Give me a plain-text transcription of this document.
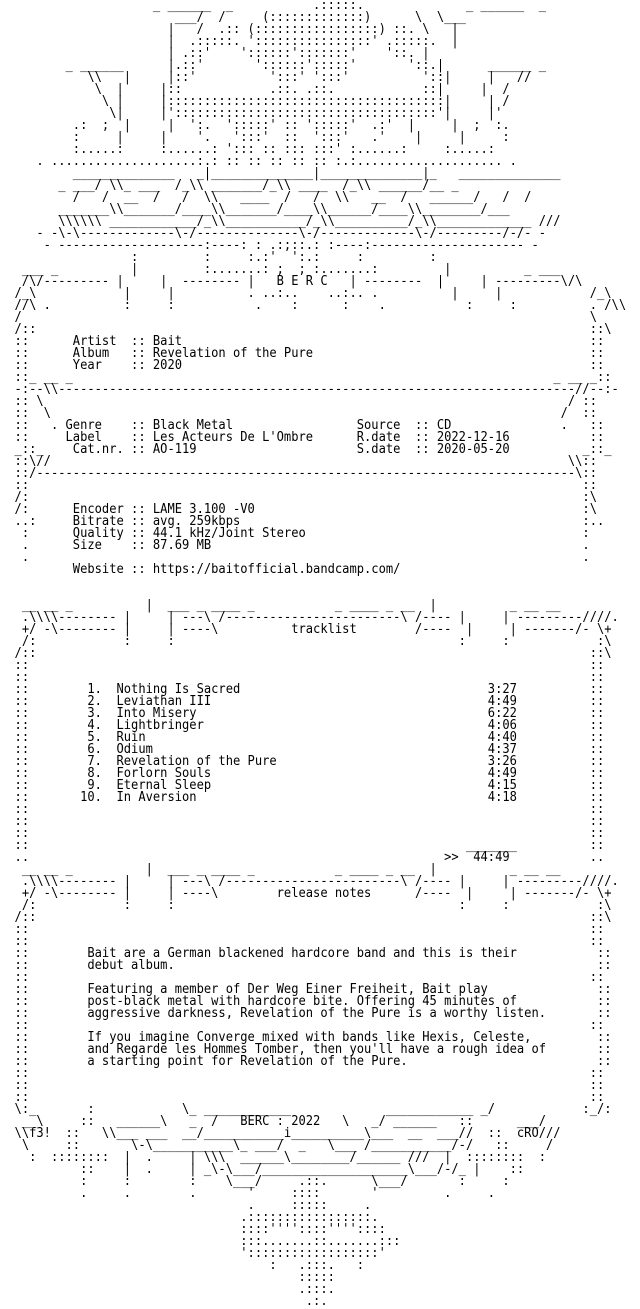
_ ______  _           .:::::.              _ ______  _
___/  /     (:::::::::::::)      \  \___
|   /  .:: (:::::::::::::::::) ::. \   |
|  .:::::. '::::::::::::::::' .:::::.  |
| .::'    '::::::':::::::'    '::. |
_ ______      |.::'       '::::::':::::'       '::.|      ______ _
\\   |     |::'          ':::' ':::'          '::|     |   //
\  |     |::            .::. .::.            ::|     |  /
\ |     |::::::::::::::::::::::::::::::::::::::|     | /
\|     |'::::::::::::::::::::::::::::::::::::'|     |'
.:  ;  |     |  ':.  ':::::' :: ':::::'  .:'  |     |  ;  :.
:     |     |    '.   ':::'  ::  ':::'   .'    |     |     :
:.....:     :......: '::: :: ::: :::' :......:     :.....:
. ....................:.: :: :: :: :: :: :.:.................... .
______________   _|______________|______________|_   ______________
_ ___/ \\_ ___  /_\\ _______/_\\ ____  /_\\ ______/__ _
/   /  __  /   /  \\   ____  /   /  \\   __  /   ______/   /  /
_______\\_______/____\\_______/____\\______/____\\________/___
\\\\\\ ____________/_\\___________/_\\__________/_\\_____________ ///
- -\-\-------------\-/--------------\-/-------------\-/---------/-/- -
- --------------------:----: : .:;::.: :----:--------------------- -
:         :     :.:'  ':.:     :         :
___ _          |         :.......: ;  ; :.......:         |          _ ___
/\/--------- |     |  -------- |   B E R C   | --------  |     | ---------\/\
/_\            |     |          . ..:..    ..:.. .          |     |            /_\
//\ .          :     :           .    :      :    .           :     :          . /\\
/                                                                              \
/::                                                                            ::\
::      Artist  :: Bait                                                        ::
::      Album   :: Revelation of the Pure                                      ::
::      Year    :: 2020                                                        ::
::_ __ _                                                                  _ __ _::
-:--\\-----------------------------------------------------------------------//--:-
:: \                                                                        / ::
::  \                                                                      /  ::
::   . Genre    :: Black Metal                 Source  :: CD               .   ::
::     Label    :: Les Acteurs De L'Ombre      R.date  :: 2022-12-16           ::
_::_    Cat.nr. :: AO-119                      S.date  :: 2020-05-20          _::_
::\//                                                                       \\::
::/--------------------------------------------------------------------------\::
::                                                                            ::
/:                                                                            :\
/:      Encoder :: LAME 3.100 -V0                                             :\
..:     Bitrate :: avg. 259kbps                                               :..
:      Quality :: 44.1 kHz/Joint Stereo                                      :
.      Size    :: 87.69 MB                                                   .
.                                                                            .
Website :: https://baitofficial.bandcamp.com/

__ __ _          |  ___ _ ____ _           _ ____ _ __  |          _ __ __
.\\\\-------- |     | ---\ /------------------------\ /---- |     | ---------////.
+/ -\-------- |     | ----\          tracklist        /----  |     | -------/- \+
/:            :     :                                       :     :            :\
/::                                                                            ::\
::                                                                             ::
::                                                                             ::
::        1.  Nothing Is Sacred                                  3:27          ::
::        2.  Leviathan III                                      4:49          ::
::        3.  Into Misery                                        6:22          ::
::        4.  Lightbringer                                       4:06          ::
::        5.  Ruin                                               4:40          ::
::        6.  Odium                                              4:37          ::
::        7.  Revelation of the Pure                             3:26          ::
::        8.  Forlorn Souls                                      4:49          ::
::        9.  Eternal Sleep                                      4:15          ::
::       10.  In Aversion                                        4:18          ::
::                                                                             ::
::                                                                             ::
::                                                                             ::
::                                                            _______          ::
..                                                         >>  44:49           ..
__ __ _          |  ___ _ ____ _           _ ____ _ __  |          _ __ __
.\\\\-------- |     | ---\ /------------------------\ /---- |     | ---------////.
+/ -\-------- |     | ----\        release notes      /----  |     | -------/- \+
/:            :     :                                       :     :            :\
/::                                                                            ::\
::                                                                             ::
::                                                                             ::
::        Bait are a German blackened hardcore band and this is their           ::
::        debut album.                                                          ::
::                                                                             ::
::        Featuring a member of Der Weg Einer Freiheit, Bait play               ::
::        post-black metal with hardcore bite. Offering 45 minutes of           ::
::        aggressive darkness, Revelation of the Pure is a worthy listen.       ::
::                                                                             ::
::        If you imagine Converge mixed with bands like Hexis, Celeste,         ::
::        and Regarde les Hommes Tomber, then you'll have a rough idea of       ::
::        a starting point for Revelation of the Pure.                          ::
::                                                                             ::
::                                                                             ::
::                                                                             ::
\:_       :            \_ ____________             ____________ _/            :_/:
__\     ::   ______\   _  /   BERC : 2022   \   _/ ______   ::      ___/
\\f3!  ::   \\___ ___  __/___________i__________\___  __  ___//  ::  cRO///
\     ::       \-\___________\_ ___/  _   \___ /___________/-/   ::     /
:  ::::::::  |  .     | \\\  ______\________/______ ///  |  ::::::::  :
::    |  .     | _\-\___/____________________\___/-/_ |    ::
:     :        :    \___/     .::.      \___/       :     :
.     .        .       '     ::::       '         .     .
.     :::::     .
.:::::::::::::::::.
::::''''::::''''::::
:::.......::.......:::
'::::::::::::::::::'
:   .:::.   :
:::::
.:::.
.:.
